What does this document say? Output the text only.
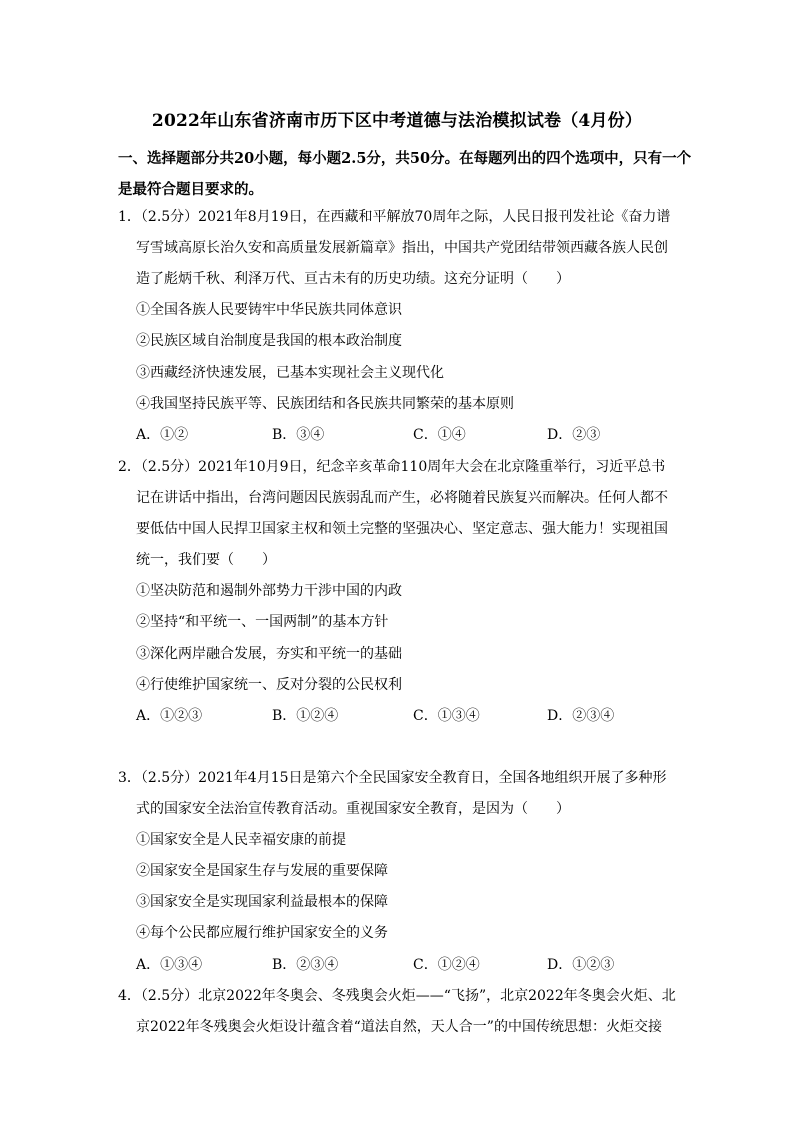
2022年山东省济南市历下区中考道德与法治模拟试卷（4月份）
一、选择题部分共20小题，每小题2.5分，共50分。在每题列出的四个选项中，只有一个
是最符合题目要求的。
1．（2.5分）2021年8月19日，在西藏和平解放70周年之际，人民日报刊发社论《奋力谱
写雪域高原长治久安和高质量发展新篇章》指出，中国共产党团结带领西藏各族人民创
造了彪炳千秋、利泽万代、亘古未有的历史功绩。这充分证明（　　）
①全国各族人民要铸牢中华民族共同体意识
②民族区域自治制度是我国的根本政治制度
③西藏经济快速发展，已基本实现社会主义现代化
④我国坚持民族平等、民族团结和各民族共同繁荣的基本原则
A．①②	B．③④	C．①④	D．②③
2．（2.5分）2021年10月9日，纪念辛亥革命110周年大会在北京隆重举行，习近平总书
记在讲话中指出，台湾问题因民族弱乱而产生，必将随着民族复兴而解决。任何人都不
要低估中国人民捍卫国家主权和领土完整的坚强决心、坚定意志、强大能力！实现祖国
统一，我们要（　　）
①坚决防范和遏制外部势力干涉中国的内政
②坚持“和平统一、一国两制”的基本方针
③深化两岸融合发展，夯实和平统一的基础
④行使维护国家统一、反对分裂的公民权利
A．①②③	B．①②④	C．①③④	D．②③④
3．（2.5分）2021年4月15日是第六个全民国家安全教育日，全国各地组织开展了多种形
式的国家安全法治宣传教育活动。重视国家安全教育，是因为（　　）
①国家安全是人民幸福安康的前提
②国家安全是国家生存与发展的重要保障
③国家安全是实现国家利益最根本的保障
④每个公民都应履行维护国家安全的义务
A．①③④	B．②③④	C．①②④	D．①②③
4．（2.5分）北京2022年冬奥会、冬残奥会火炬——“飞扬”，北京2022年冬奥会火炬、北
京2022年冬残奥会火炬设计蕴含着“道法自然，天人合一”的中国传统思想：火炬交接
